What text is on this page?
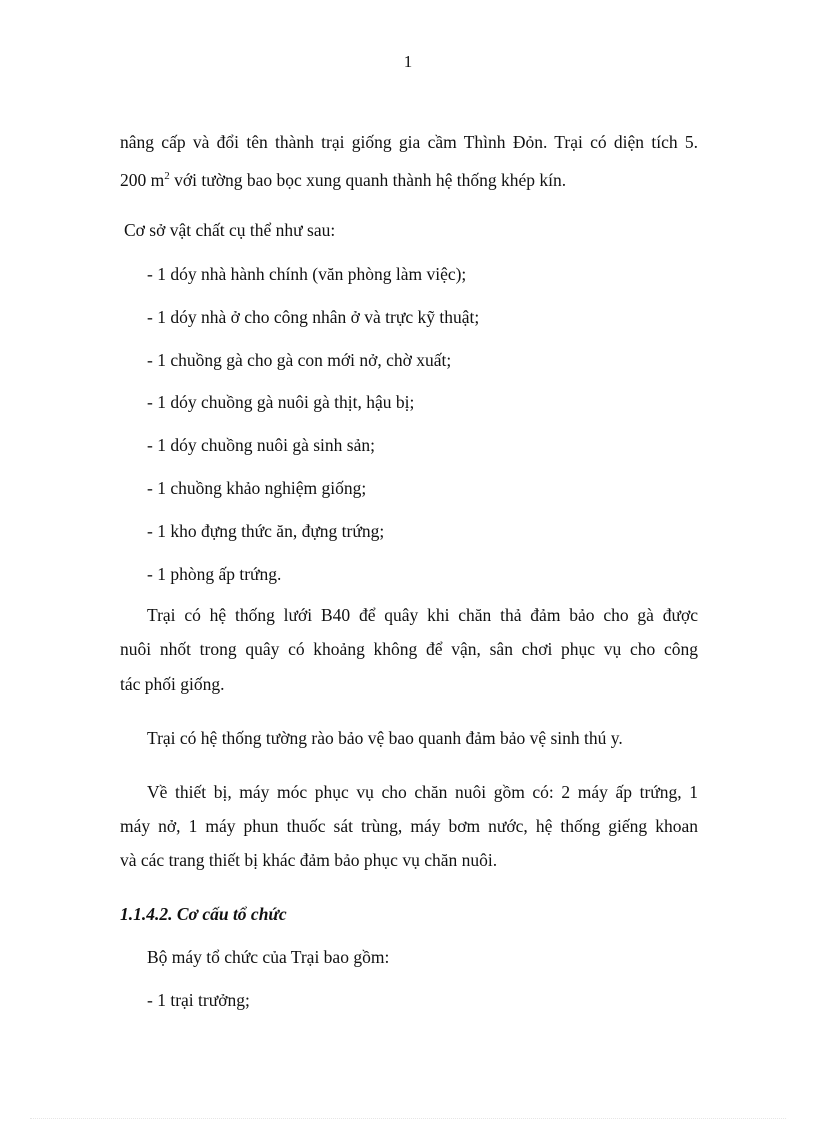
1
nâng cấp và đổi tên thành trại giống gia cầm Thình Đỏn. Trại có diện tích 5.
200 $m^2$ với tường bao bọc xung quanh thành hệ thống khép kín.
Cơ sở vật chất cụ thể như sau:
- 1 dóy nhà hành chính (văn phòng làm việc);
- 1 dóy nhà ở cho công nhân ở và trực kỹ thuật;
- 1 chuồng gà cho gà con mới nở, chờ xuất;
- 1 dóy chuồng gà nuôi gà thịt, hậu bị;
- 1 dóy chuồng nuôi gà sinh sản;
- 1 chuồng khảo nghiệm giống;
- 1 kho đựng thức ăn, đựng trứng;
- 1 phòng ấp trứng.
Trại có hệ thống lưới B40 để quây khi chăn thả đảm bảo cho gà được
nuôi nhốt trong quây có khoảng không để vận, sân chơi phục vụ cho công
tác phối giống.
Trại có hệ thống tường rào bảo vệ bao quanh đảm bảo vệ sinh thú y.
Về thiết bị, máy móc phục vụ cho chăn nuôi gồm có: 2 máy ấp trứng, 1
máy nở, 1 máy phun thuốc sát trùng, máy bơm nước, hệ thống giếng khoan
và các trang thiết bị khác đảm bảo phục vụ chăn nuôi.
1.1.4.2. Cơ cấu tổ chức
Bộ máy tổ chức của Trại bao gồm:
- 1 trại trưởng;
